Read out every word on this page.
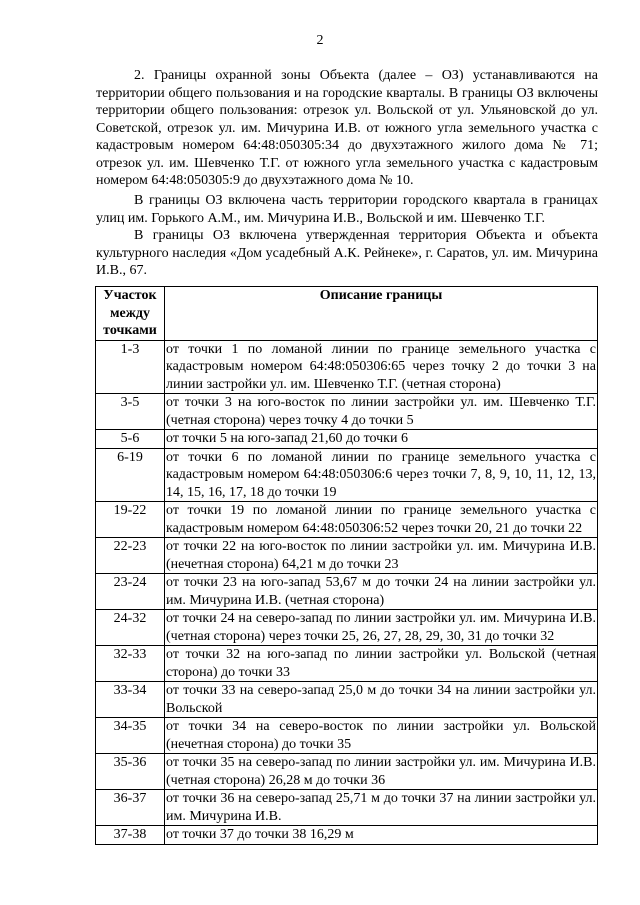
2

2. Границы охранной зоны Объекта (далее – ОЗ) устанавливаются на территории общего пользования и на городские кварталы. В границы ОЗ включены территории общего пользования: отрезок ул. Вольской от ул. Ульяновской до ул. Советской, отрезок ул. им. Мичурина И.В. от южного угла земельного участка с кадастровым номером 64:48:050305:34 до двухэтажного жилого дома № 71; отрезок ул. им. Шевченко Т.Г. от южного угла земельного участка с кадастровым номером 64:48:050305:9 до двухэтажного дома № 10.

В границы ОЗ включена часть территории городского квартала в границах улиц им. Горького А.М., им. Мичурина И.В., Вольской и им. Шевченко Т.Г.

В границы ОЗ включена утвержденная территория Объекта и объекта культурного наследия «Дом усадебный А.К. Рейнеке», г. Саратов, ул. им. Мичурина И.В., 67.

Участок между точками	Описание границы
1-3	от точки 1 по ломаной линии по границе земельного участка с кадастровым номером 64:48:050306:65 через точку 2 до точки 3 на линии застройки ул. им. Шевченко Т.Г. (четная сторона)
3-5	от точки 3 на юго-восток по линии застройки ул. им. Шевченко Т.Г. (четная сторона) через точку 4 до точки 5
5-6	от точки 5 на юго-запад 21,60 до точки 6
6-19	от точки 6 по ломаной линии по границе земельного участка с кадастровым номером 64:48:050306:6 через точки 7, 8, 9, 10, 11, 12, 13, 14, 15, 16, 17, 18 до точки 19
19-22	от точки 19 по ломаной линии по границе земельного участка с кадастровым номером 64:48:050306:52 через точки 20, 21 до точки 22
22-23	от точки 22 на юго-восток по линии застройки ул. им. Мичурина И.В. (нечетная сторона) 64,21 м до точки 23
23-24	от точки 23 на юго-запад 53,67 м до точки 24 на линии застройки ул. им. Мичурина И.В. (четная сторона)
24-32	от точки 24 на северо-запад по линии застройки ул. им. Мичурина И.В. (четная сторона) через точки 25, 26, 27, 28, 29, 30, 31 до точки 32
32-33	от точки 32 на юго-запад по линии застройки ул. Вольской (четная сторона) до точки 33
33-34	от точки 33 на северо-запад 25,0 м до точки 34 на линии застройки ул. Вольской
34-35	от точки 34 на северо-восток по линии застройки ул. Вольской (нечетная сторона) до точки 35
35-36	от точки 35 на северо-запад по линии застройки ул. им. Мичурина И.В. (четная сторона) 26,28 м до точки 36
36-37	от точки 36 на северо-запад 25,71 м до точки 37 на линии застройки ул. им. Мичурина И.В.
37-38	от точки 37 до точки 38 16,29 м
